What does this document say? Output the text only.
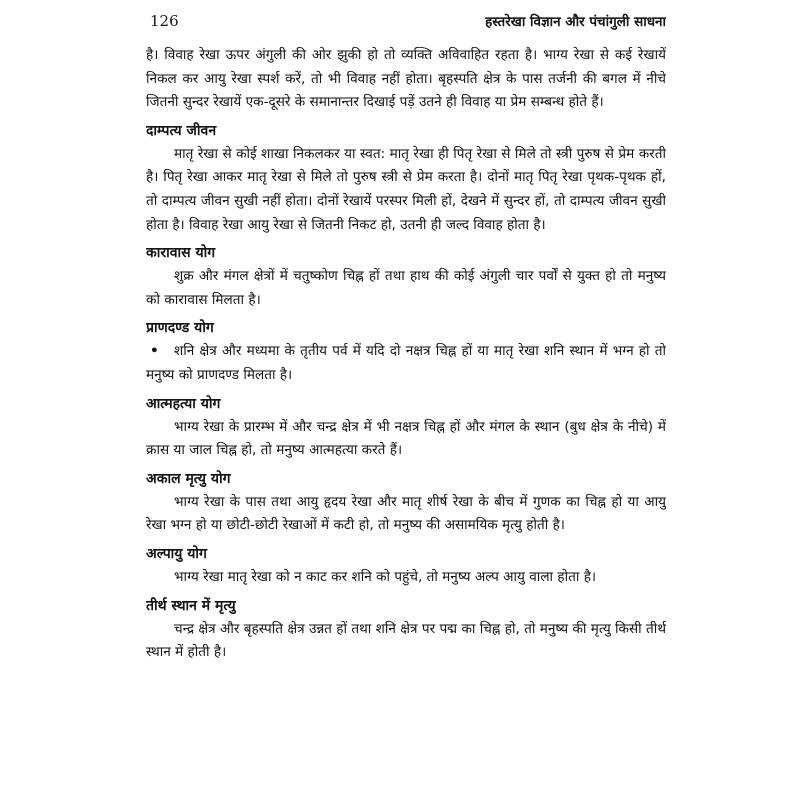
126	हस्तरेखा विज्ञान और पंचांगुली साधना

है। विवाह रेखा ऊपर अंगुली की ओर झुकी हो तो व्यक्ति अविवाहित रहता है। भाग्य रेखा से कई रेखायें निकल कर आयु रेखा स्पर्श करें, तो भी विवाह नहीं होता। बृहस्पति क्षेत्र के पास तर्जनी की बगल में नीचे जितनी सुन्दर रेखायें एक-दूसरे के समानान्तर दिखाई पड़ें उतने ही विवाह या प्रेम सम्बन्ध होते हैं।

दाम्पत्य जीवन

मातृ रेखा से कोई शाखा निकलकर या स्वत: मातृ रेखा ही पितृ रेखा से मिले तो स्त्री पुरुष से प्रेम करती है। पितृ रेखा आकर मातृ रेखा से मिले तो पुरुष स्त्री से प्रेम करता है। दोनों मातृ पितृ रेखा पृथक-पृथक हों, तो दाम्पत्य जीवन सुखी नहीं होता। दोनों रेखायें परस्पर मिली हों, देखने में सुन्दर हों, तो दाम्पत्य जीवन सुखी होता है। विवाह रेखा आयु रेखा से जितनी निकट हो, उतनी ही जल्द विवाह होता है।

कारावास योग

शुक्र और मंगल क्षेत्रों में चतुष्कोण चिह्न हों तथा हाथ की कोई अंगुली चार पर्वों से युक्त हो तो मनुष्य को कारावास मिलता है।

प्राणदण्ड योग
•	शनि क्षेत्र और मध्यमा के तृतीय पर्व में यदि दो नक्षत्र चिह्न हों या मातृ रेखा शनि स्थान में भग्न हो तो मनुष्य को प्राणदण्ड मिलता है।

आत्महत्या योग

भाग्य रेखा के प्रारम्भ में और चन्द्र क्षेत्र में भी नक्षत्र चिह्न हों और मंगल के स्थान (बुध क्षेत्र के नीचे) में क्रास या जाल चिह्न हो, तो मनुष्य आत्महत्या करते हैं।

अकाल मृत्यु योग

भाग्य रेखा के पास तथा आयु हृदय रेखा और मातृ शीर्ष रेखा के बीच में गुणक का चिह्न हो या आयु रेखा भग्न हो या छोटी-छोटी रेखाओं में कटी हो, तो मनुष्य की असामयिक मृत्यु होती है।

अल्पायु योग

भाग्य रेखा मातृ रेखा को न काट कर शनि को पहुंचे, तो मनुष्य अल्प आयु वाला होता है।

तीर्थ स्थान में मृत्यु

चन्द्र क्षेत्र और बृहस्पति क्षेत्र उन्नत हों तथा शनि क्षेत्र पर पद्म का चिह्न हो, तो मनुष्य की मृत्यु किसी तीर्थ स्थान में होती है।
